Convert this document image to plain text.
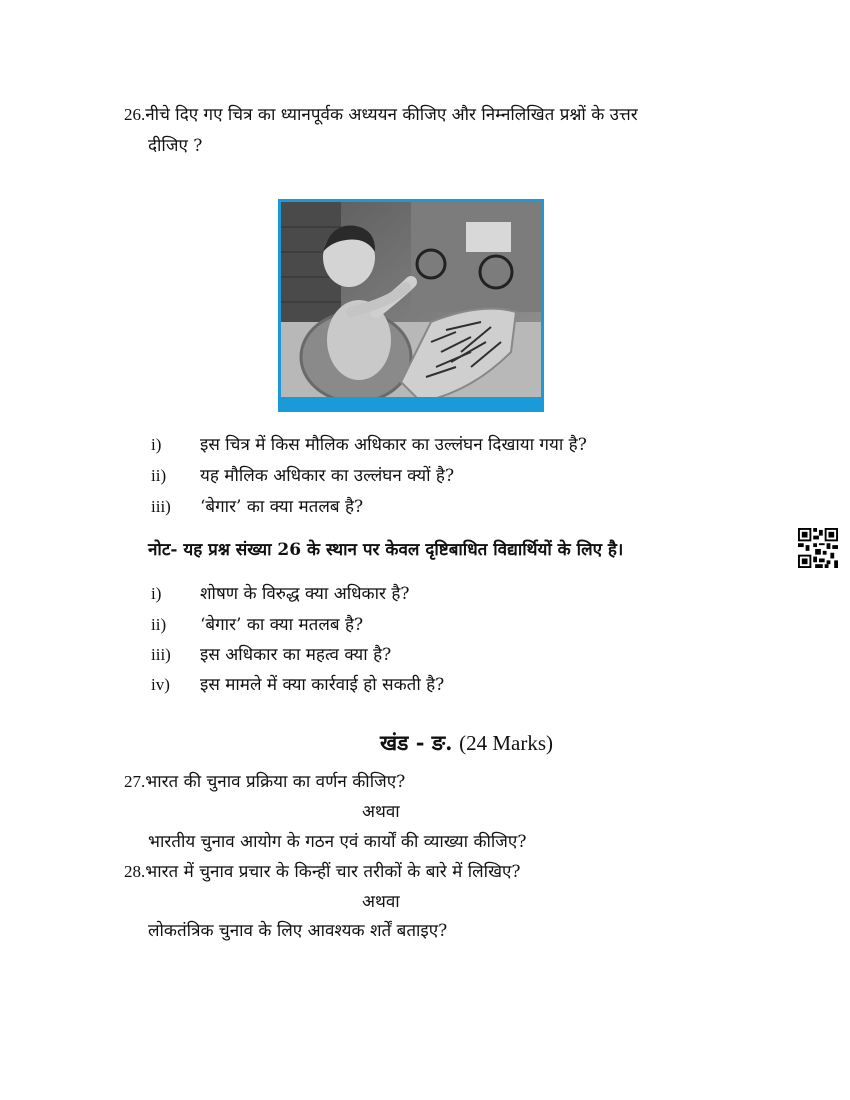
26.नीचे दिए गए चित्र का ध्यानपूर्वक अध्ययन कीजिए और निम्नलिखित प्रश्नों के उत्तर
दीजिए ?
i) इस चित्र में किस मौलिक अधिकार का उल्लंघन दिखाया गया है?
ii) यह मौलिक अधिकार का उल्लंघन क्यों है?
iii) ‘बेगार’ का क्या मतलब है?
नोट- यह प्रश्न संख्या 26 के स्थान पर केवल दृष्टिबाधित विद्यार्थियों के लिए है।
i) शोषण के विरुद्ध क्या अधिकार है?
ii) ‘बेगार’ का क्या मतलब है?
iii) इस अधिकार का महत्व क्या है?
iv) इस मामले में क्या कार्रवाई हो सकती है?
खंड - ङ. (24 Marks)
27.भारत की चुनाव प्रक्रिया का वर्णन कीजिए?
अथवा
भारतीय चुनाव आयोग के गठन एवं कार्यों की व्याख्या कीजिए?
28.भारत में चुनाव प्रचार के किन्हीं चार तरीकों के बारे में लिखिए?
अथवा
लोकतंत्रिक चुनाव के लिए आवश्यक शर्तें बताइए?
